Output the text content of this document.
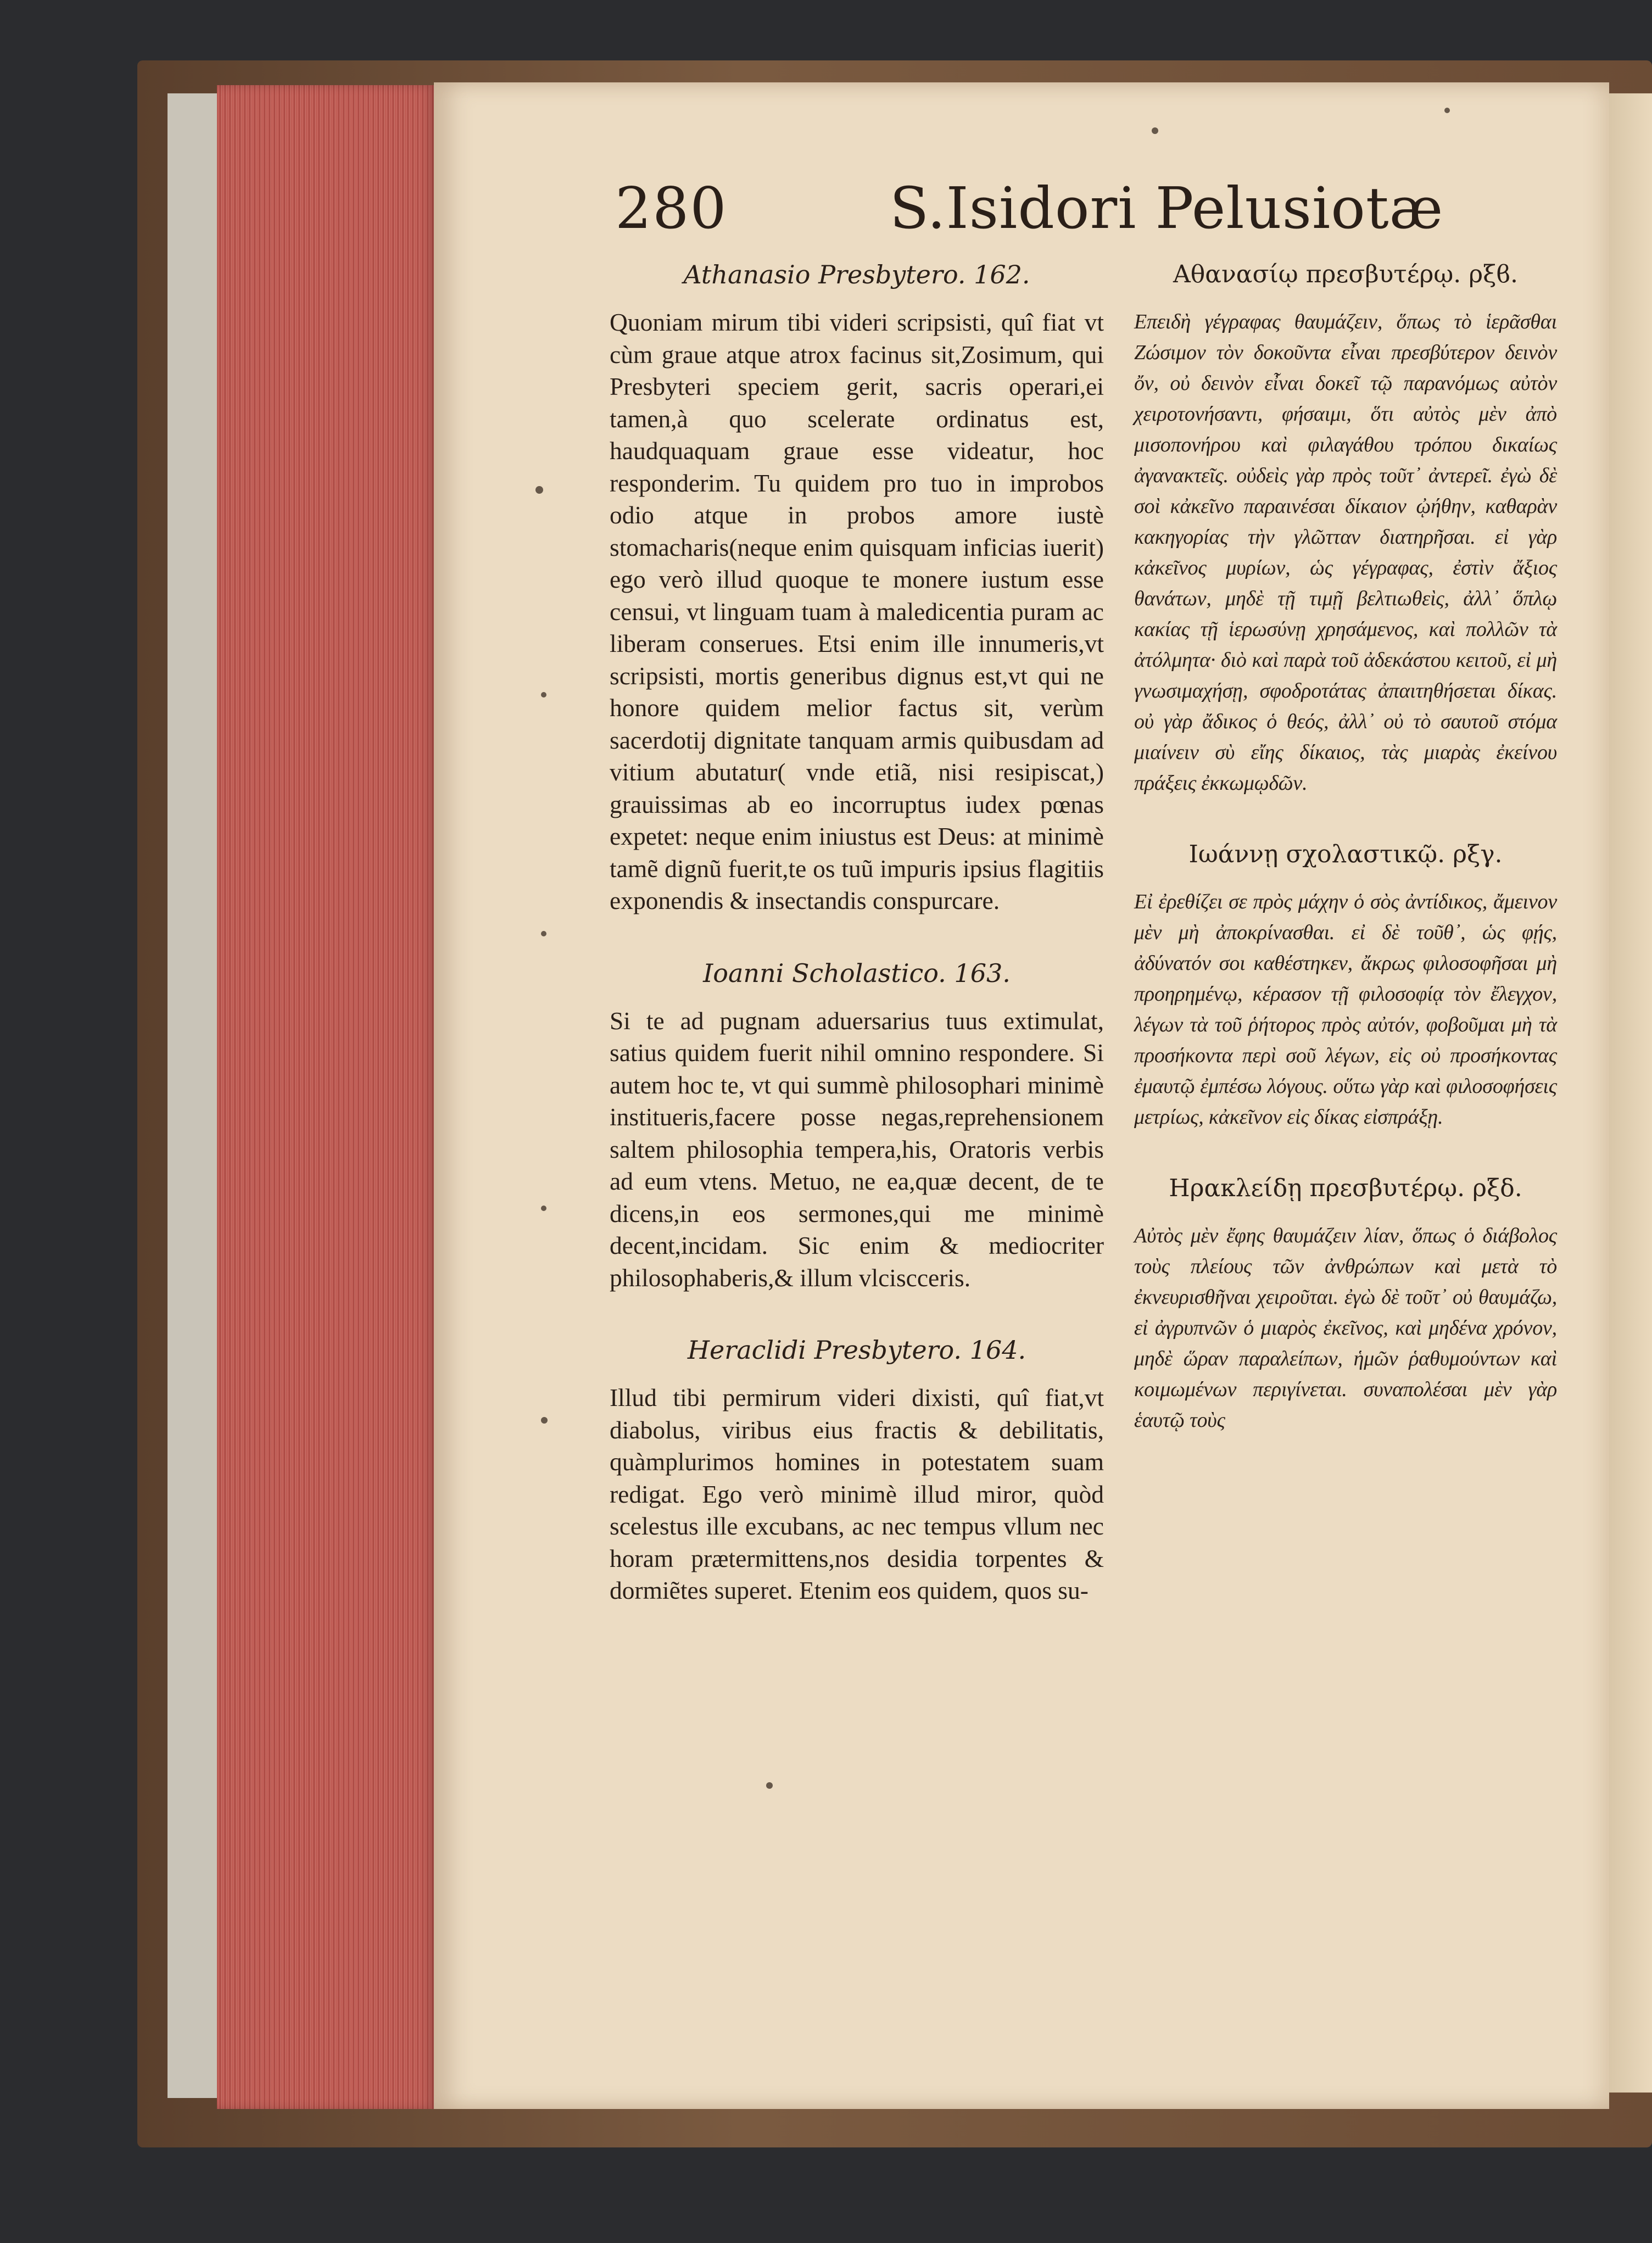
280	S.Isidori Pelusiotæ
Athanasio Presbytero. 162.

Quoniam mirum tibi videri scripsisti, quî fiat vt cùm graue atque atrox facinus sit,Zosimum, qui Presbyteri speciem gerit, sacris operari,ei tamen,à quo scelerate ordinatus est, haudquaquam graue esse videatur, hoc responderim. Tu quidem pro tuo in improbos odio atque in probos amore iustè stomacharis(neque enim quisquam inficias iuerit) ego verò illud quoque te monere iustum esse censui, vt linguam tuam à maledicentia puram ac liberam conserues. Etsi enim ille innumeris,vt scripsisti, mortis generibus dignus est,vt qui ne honore quidem melior factus sit, verùm sacerdotij dignitate tanquam armis quibusdam ad vitium abutatur( vnde etiã, nisi resipiscat,) grauissimas ab eo incorruptus iudex pœnas expetet: neque enim iniustus est Deus: at minimè tamẽ dignũ fuerit,te os tuũ impuris ipsius flagitiis exponendis & insectandis conspurcare.

Ioanni Scholastico. 163.

Si te ad pugnam aduersarius tuus extimulat, satius quidem fuerit nihil omnino respondere. Si autem hoc te, vt qui summè philosophari minimè institueris,facere posse negas,reprehensionem saltem philosophia tempera,his, Oratoris verbis ad eum vtens. Metuo, ne ea,quæ decent, de te dicens,in eos sermones,qui me minimè decent,incidam. Sic enim & mediocriter philosophaberis,& illum vlciscceris.

Heraclidi Presbytero. 164.

Illud tibi permirum videri dixisti, quî fiat,vt diabolus, viribus eius fractis & debilitatis, quàmplurimos homines in potestatem suam redigat. Ego verò minimè illud miror, quòd scelestus ille excubans, ac nec tempus vllum nec horam prætermittens,nos desidia torpentes & dormiẽtes superet. Etenim eos quidem, quos su-

Αθανασίῳ πρεσβυτέρῳ. ρξϐ.

Επειδὴ γέγραφας θαυμάζειν, ὅπως τὸ ἱερᾶσθαι Ζώσιμον τὸν δοκοῦντα εἶναι πρεσβύτερον δεινὸν ὄν, οὐ δεινὸν εἶναι δοκεῖ τῷ παρανόμως αὐτὸν χειροτονήσαντι, φήσαιμι, ὅτι αὐτὸς μὲν ἀπὸ μισοπονήρου καὶ φιλαγάθου τρόπου δικαίως ἀγανακτεῖς. οὐδεὶς γὰρ πρὸς τοῦτ᾽ ἀντερεῖ. ἐγὼ δὲ σοὶ κἀκεῖνο παραινέσαι δίκαιον ᾠήθην, καθαρὰν κακηγορίας τὴν γλῶτταν διατηρῆσαι. εἰ γὰρ κἀκεῖνος μυρίων, ὡς γέγραφας, ἐστὶν ἄξιος θανάτων, μηδὲ τῇ τιμῇ βελτιωθεὶς, ἀλλ᾽ ὅπλῳ κακίας τῇ ἱερωσύνῃ χρησάμενος, καὶ πολλῶν τὰ ἀτόλμητα· διὸ καὶ παρὰ τοῦ ἀδεκάστου κειτοῦ, εἰ μὴ γνωσιμαχήσῃ, σφοδροτάτας ἀπαιτηθήσεται δίκας. οὐ γὰρ ἄδικος ὁ θεός, ἀλλ᾽ οὐ τὸ σαυτοῦ στόμα μιαίνειν σὺ εἴης δίκαιος, τὰς μιαρὰς ἐκείνου πράξεις ἐκκωμῳδῶν.

Ιωάννῃ σχολαστικῷ. ρξγ.

Εἰ ἐρεθίζει σε πρὸς μάχην ὁ σὸς ἀντίδικος, ἄμεινον μὲν μὴ ἀποκρίνασθαι. εἰ δὲ τοῦθ᾽, ὡς φῄς, ἀδύνατόν σοι καθέστηκεν, ἄκρως φιλοσοφῆσαι μὴ προηρημένῳ, κέρασον τῇ φιλοσοφίᾳ τὸν ἔλεγχον, λέγων τὰ τοῦ ῥήτορος πρὸς αὐτόν, φοβοῦμαι μὴ τὰ προσήκοντα περὶ σοῦ λέγων, εἰς οὐ προσήκοντας ἐμαυτῷ ἐμπέσω λόγους. οὕτω γὰρ καὶ φιλοσοφήσεις μετρίως, κἀκεῖνον εἰς δίκας εἰσπράξῃ.

Ηρακλείδῃ πρεσβυτέρῳ. ρξδ.

Αὐτὸς μὲν ἔφης θαυμάζειν λίαν, ὅπως ὁ διάβολος τοὺς πλείους τῶν ἀνθρώπων καὶ μετὰ τὸ ἐκνευρισθῆναι χειροῦται. ἐγὼ δὲ τοῦτ᾽ οὐ θαυμάζω, εἰ ἀγρυπνῶν ὁ μιαρὸς ἐκεῖνος, καὶ μηδένα χρόνον, μηδὲ ὥραν παραλείπων, ἡμῶν ῥαθυμούντων καὶ κοιμωμένων περιγίνεται. συναπολέσαι μὲν γὰρ ἑαυτῷ τοὺς
